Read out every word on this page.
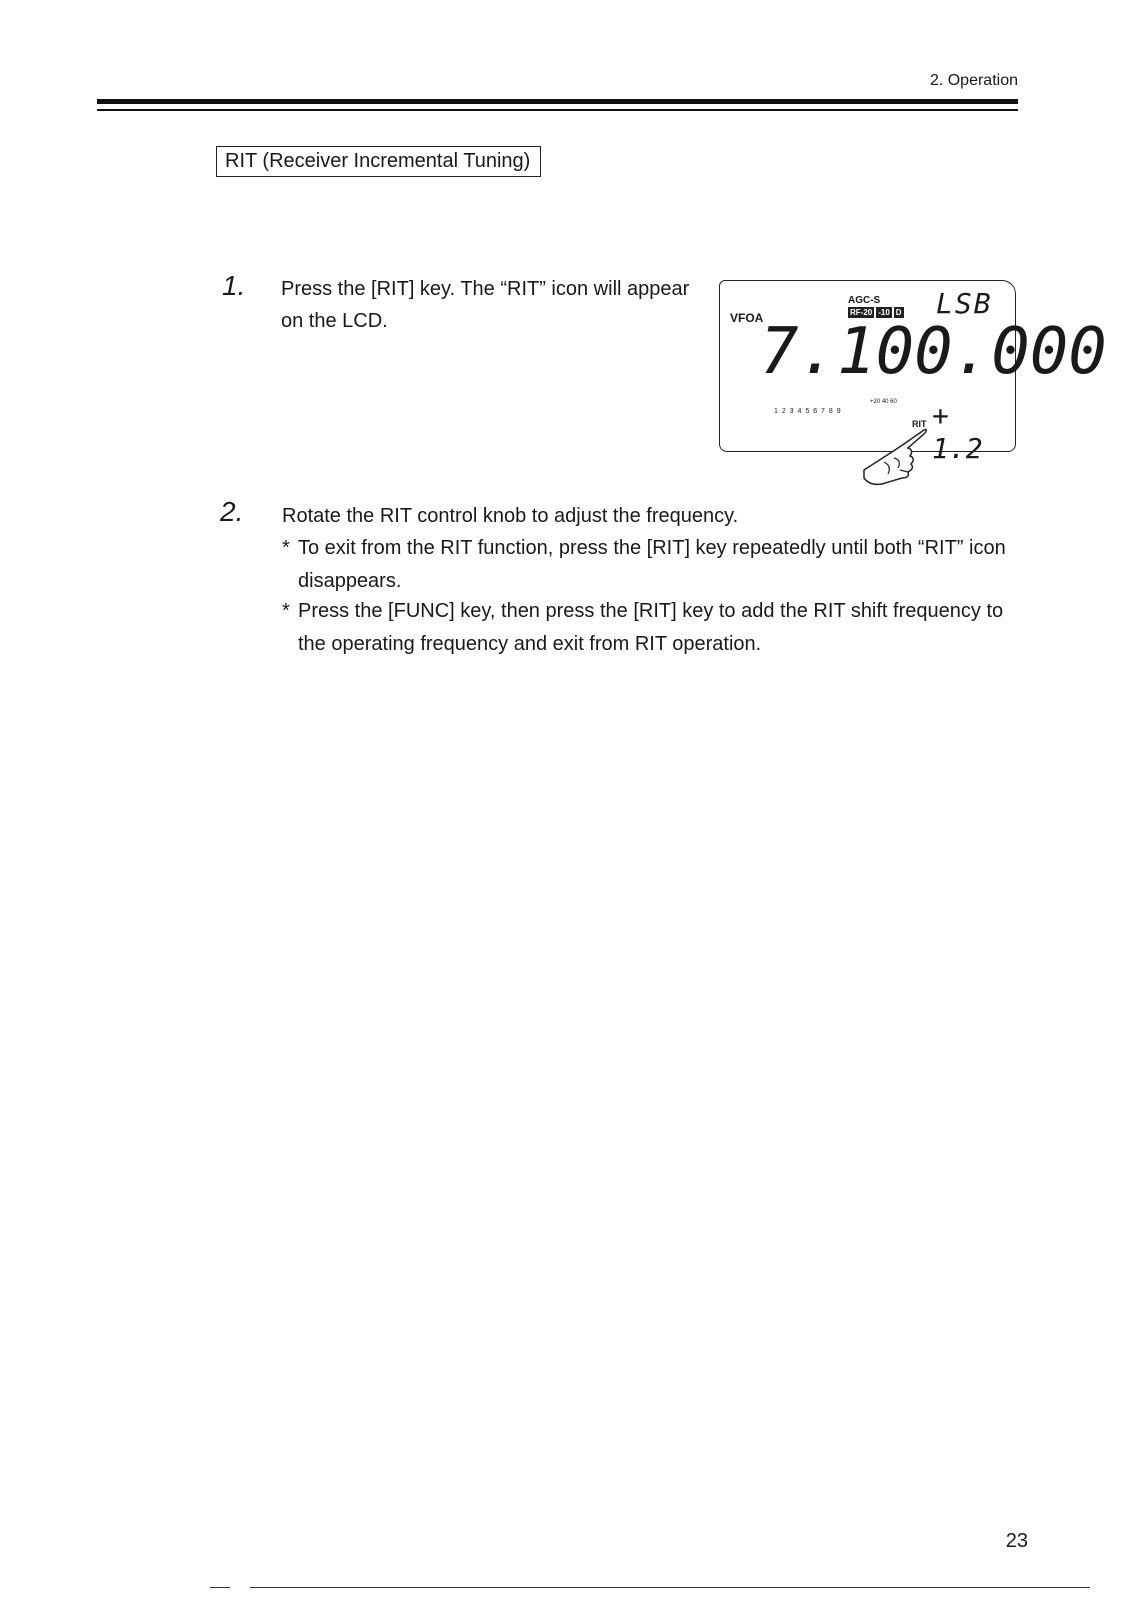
2. Operation
RIT (Receiver Incremental Tuning)
1. Press the [RIT] key. The “RIT” icon will appear on the LCD.	VFOA
AGC-S
RF-20 -10 D LSB
7.100.000
1 2 3 4 5 6 7 8 9
+20 40 60
RIT + 1.2
2. Rotate the RIT control knob to adjust the frequency.
* To exit from the RIT function, press the [RIT] key repeatedly until both “RIT” icon disappears.
* Press the [FUNC] key, then press the [RIT] key to add the RIT shift frequency to the operating frequency and exit from RIT operation.
23
